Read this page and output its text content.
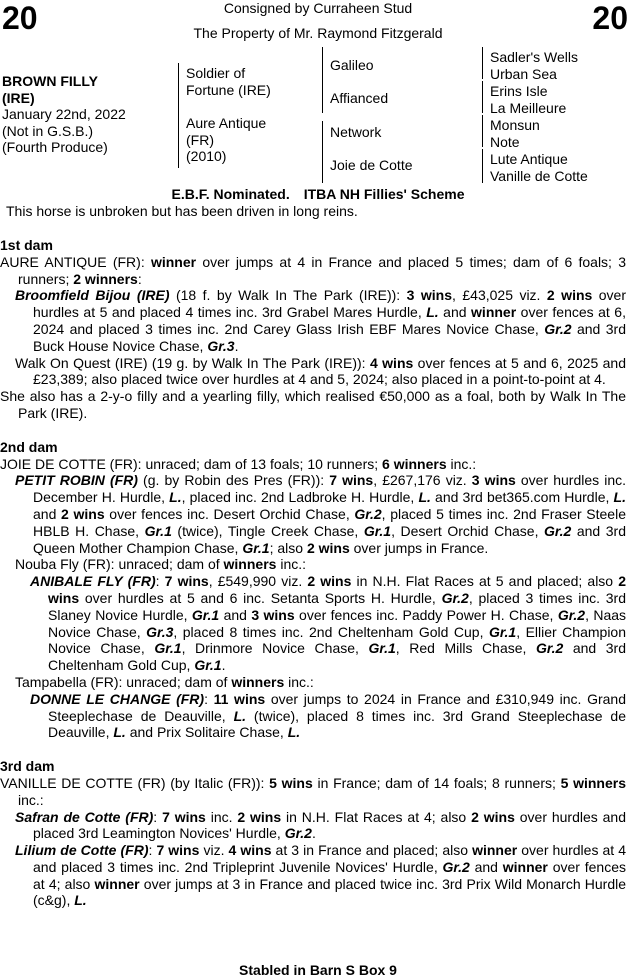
20	20
Consigned by Curraheen Stud
The Property of Mr. Raymond Fitzgerald
BROWN FILLY
(IRE)
January 22nd, 2022
(Not in G.S.B.)
(Fourth Produce)
Soldier of
Fortune (IRE)
Aure Antique
(FR)
(2010)
Galileo
Affianced
Network
Joie de Cotte
Sadler's Wells
Urban Sea
Erins Isle
La Meilleure
Monsun
Note
Lute Antique
Vanille de Cotte
E.B.F. Nominated. ITBA NH Fillies' Scheme
This horse is unbroken but has been driven in long reins.
1st dam
AURE ANTIQUE (FR): winner over jumps at 4 in France and placed 5 times; dam of 6 foals; 3 runners; 2 winners:
Broomfield Bijou (IRE) (18 f. by Walk In The Park (IRE)): 3 wins, £43,025 viz. 2 wins over hurdles at 5 and placed 4 times inc. 3rd Grabel Mares Hurdle, L. and winner over fences at 6, 2024 and placed 3 times inc. 2nd Carey Glass Irish EBF Mares Novice Chase, Gr.2 and 3rd Buck House Novice Chase, Gr.3.
Walk On Quest (IRE) (19 g. by Walk In The Park (IRE)): 4 wins over fences at 5 and 6, 2025 and £23,389; also placed twice over hurdles at 4 and 5, 2024; also placed in a point-to-point at 4.
She also has a 2-y-o filly and a yearling filly, which realised €50,000 as a foal, both by Walk In The Park (IRE).
2nd dam
JOIE DE COTTE (FR): unraced; dam of 13 foals; 10 runners; 6 winners inc.:
PETIT ROBIN (FR) (g. by Robin des Pres (FR)): 7 wins, £267,176 viz. 3 wins over hurdles inc. December H. Hurdle, L., placed inc. 2nd Ladbroke H. Hurdle, L. and 3rd bet365.com Hurdle, L. and 2 wins over fences inc. Desert Orchid Chase, Gr.2, placed 5 times inc. 2nd Fraser Steele HBLB H. Chase, Gr.1 (twice), Tingle Creek Chase, Gr.1, Desert Orchid Chase, Gr.2 and 3rd Queen Mother Champion Chase, Gr.1; also 2 wins over jumps in France.
Nouba Fly (FR): unraced; dam of winners inc.:
ANIBALE FLY (FR): 7 wins, £549,990 viz. 2 wins in N.H. Flat Races at 5 and placed; also 2 wins over hurdles at 5 and 6 inc. Setanta Sports H. Hurdle, Gr.2, placed 3 times inc. 3rd Slaney Novice Hurdle, Gr.1 and 3 wins over fences inc. Paddy Power H. Chase, Gr.2, Naas Novice Chase, Gr.3, placed 8 times inc. 2nd Cheltenham Gold Cup, Gr.1, Ellier Champion Novice Chase, Gr.1, Drinmore Novice Chase, Gr.1, Red Mills Chase, Gr.2 and 3rd Cheltenham Gold Cup, Gr.1.
Tampabella (FR): unraced; dam of winners inc.:
DONNE LE CHANGE (FR): 11 wins over jumps to 2024 in France and £310,949 inc. Grand Steeplechase de Deauville, L. (twice), placed 8 times inc. 3rd Grand Steeplechase de Deauville, L. and Prix Solitaire Chase, L.
3rd dam
VANILLE DE COTTE (FR) (by Italic (FR)): 5 wins in France; dam of 14 foals; 8 runners; 5 winners inc.:
Safran de Cotte (FR): 7 wins inc. 2 wins in N.H. Flat Races at 4; also 2 wins over hurdles and placed 3rd Leamington Novices' Hurdle, Gr.2.
Lilium de Cotte (FR): 7 wins viz. 4 wins at 3 in France and placed; also winner over hurdles at 4 and placed 3 times inc. 2nd Tripleprint Juvenile Novices' Hurdle, Gr.2 and winner over fences at 4; also winner over jumps at 3 in France and placed twice inc. 3rd Prix Wild Monarch Hurdle (c&g), L.
Stabled in Barn S Box 9
